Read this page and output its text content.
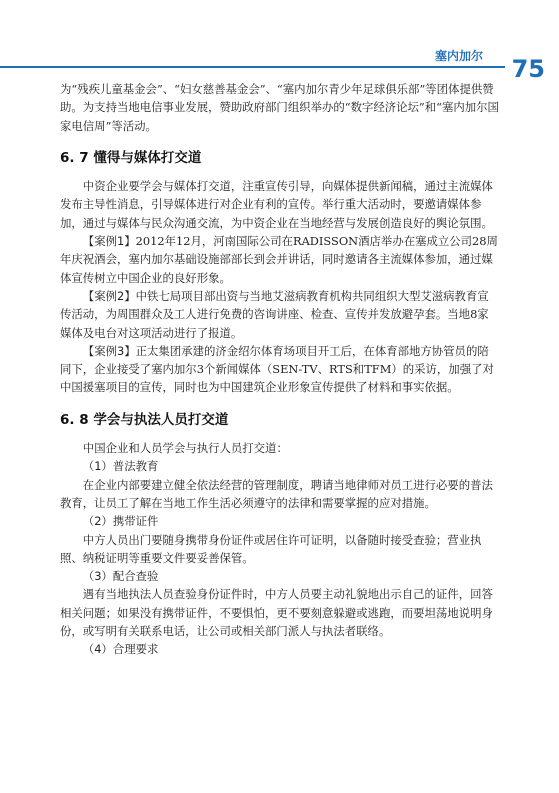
塞内加尔 75

为“残疾儿童基金会”、“妇女慈善基金会”、“塞内加尔青少年足球俱乐部”等团体提供赞助。为支持当地电信事业发展，赞助政府部门组织举办的“数字经济论坛”和“塞内加尔国家电信周”等活动。

6. 7 懂得与媒体打交道

中资企业要学会与媒体打交道，注重宣传引导，向媒体提供新闻稿，通过主流媒体发布主导性消息，引导媒体进行对企业有利的宣传。举行重大活动时，要邀请媒体参加，通过与媒体与民众沟通交流，为中资企业在当地经营与发展创造良好的舆论氛围。

【案例1】2012年12月，河南国际公司在RADISSON酒店举办在塞成立公司28周年庆祝酒会，塞内加尔基础设施部部长到会并讲话，同时邀请各主流媒体参加，通过媒体宣传树立中国企业的良好形象。

【案例2】中铁七局项目部出资与当地艾滋病教育机构共同组织大型艾滋病教育宣传活动，为周围群众及工人进行免费的咨询讲座、检查、宣传并发放避孕套。当地8家媒体及电台对这项活动进行了报道。

【案例3】正太集团承建的济金绍尔体育场项目开工后，在体育部地方协管员的陪同下，企业接受了塞内加尔3个新闻媒体（SEN-TV、RTS和TFM）的采访，加强了对中国援塞项目的宣传，同时也为中国建筑企业形象宣传提供了材料和事实依据。

6. 8 学会与执法人员打交道

中国企业和人员学会与执行人员打交道：

（1）普法教育

在企业内部要建立健全依法经营的管理制度，聘请当地律师对员工进行必要的普法教育，让员工了解在当地工作生活必须遵守的法律和需要掌握的应对措施。

（2）携带证件

中方人员出门要随身携带身份证件或居住许可证明，以备随时接受查验；营业执照、纳税证明等重要文件要妥善保管。

（3）配合查验

遇有当地执法人员查验身份证件时，中方人员要主动礼貌地出示自己的证件，回答相关问题；如果没有携带证件，不要惧怕，更不要刻意躲避或逃跑，而要坦荡地说明身份，或写明有关联系电话，让公司或相关部门派人与执法者联络。

（4）合理要求
